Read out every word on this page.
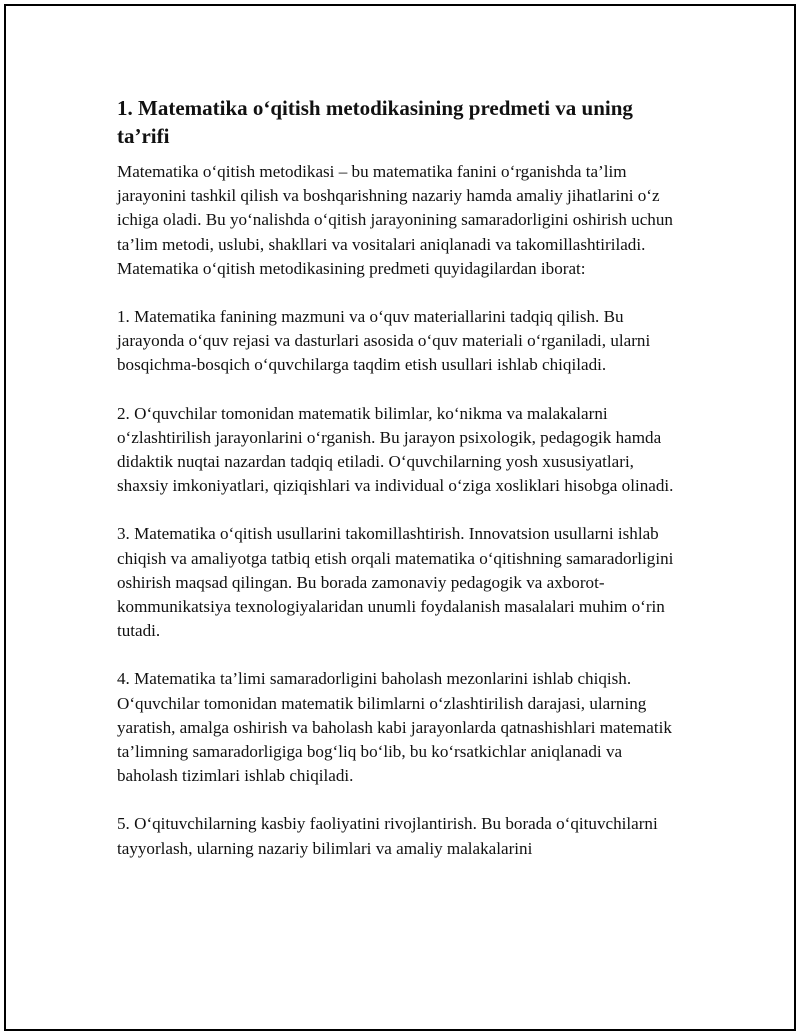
1. Matematika o‘qitish metodikasining predmeti va uning ta’rifi
Matematika o‘qitish metodikasi – bu matematika fanini o‘rganishda ta’lim jarayonini tashkil qilish va boshqarishning nazariy hamda amaliy jihatlarini o‘z ichiga oladi. Bu yo‘nalishda o‘qitish jarayonining samaradorligini oshirish uchun ta’lim metodi, uslubi, shakllari va vositalari aniqlanadi va takomillashtiriladi. Matematika o‘qitish metodikasining predmeti quyidagilardan iborat:
1. Matematika fanining mazmuni va o‘quv materiallarini tadqiq qilish. Bu jarayonda o‘quv rejasi va dasturlari asosida o‘quv materiali o‘rganiladi, ularni bosqichma-bosqich o‘quvchilarga taqdim etish usullari ishlab chiqiladi.
2. O‘quvchilar tomonidan matematik bilimlar, ko‘nikma va malakalarni o‘zlashtirilish jarayonlarini o‘rganish. Bu jarayon psixologik, pedagogik hamda didaktik nuqtai nazardan tadqiq etiladi. O‘quvchilarning yosh xususiyatlari, shaxsiy imkoniyatlari, qiziqishlari va individual o‘ziga xosliklari hisobga olinadi.
3. Matematika o‘qitish usullarini takomillashtirish. Innovatsion usullarni ishlab chiqish va amaliyotga tatbiq etish orqali matematika o‘qitishning samaradorligini oshirish maqsad qilingan. Bu borada zamonaviy pedagogik va axborot-kommunikatsiya texnologiyalaridan unumli foydalanish masalalari muhim o‘rin tutadi.
4. Matematika ta’limi samaradorligini baholash mezonlarini ishlab chiqish. O‘quvchilar tomonidan matematik bilimlarni o‘zlashtirilish darajasi, ularning yaratish, amalga oshirish va baholash kabi jarayonlarda qatnashishlari matematik ta’limning samaradorligiga bog‘liq bo‘lib, bu ko‘rsatkichlar aniqlanadi va baholash tizimlari ishlab chiqiladi.
5. O‘qituvchilarning kasbiy faoliyatini rivojlantirish. Bu borada o‘qituvchilarni tayyorlash, ularning nazariy bilimlari va amaliy malakalarini
